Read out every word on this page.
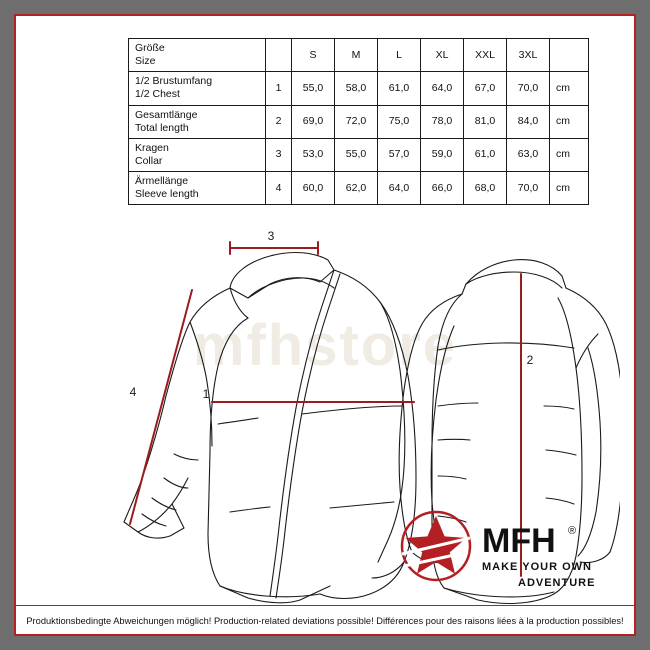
Größe
Size		S	M	L	XL	XXL	3XL	

1/2 Brustumfang
1/2 Chest	1	55,0	58,0	61,0	64,0	67,0	70,0	cm

Gesamtlänge
Total length	2	69,0	72,0	75,0	78,0	81,0	84,0	cm

Kragen
Collar	3	53,0	55,0	57,0	59,0	61,0	63,0	cm

Ärmellänge
Sleeve length	4	60,0	62,0	64,0	66,0	68,0	70,0	cm
mfhstore
3
1
4
2
MFH ®
MAKE YOUR OWN
ADVENTURE
Produktionsbedingte Abweichungen möglich! Production-related deviations possible! Différences pour des raisons liées à la production possibles!
